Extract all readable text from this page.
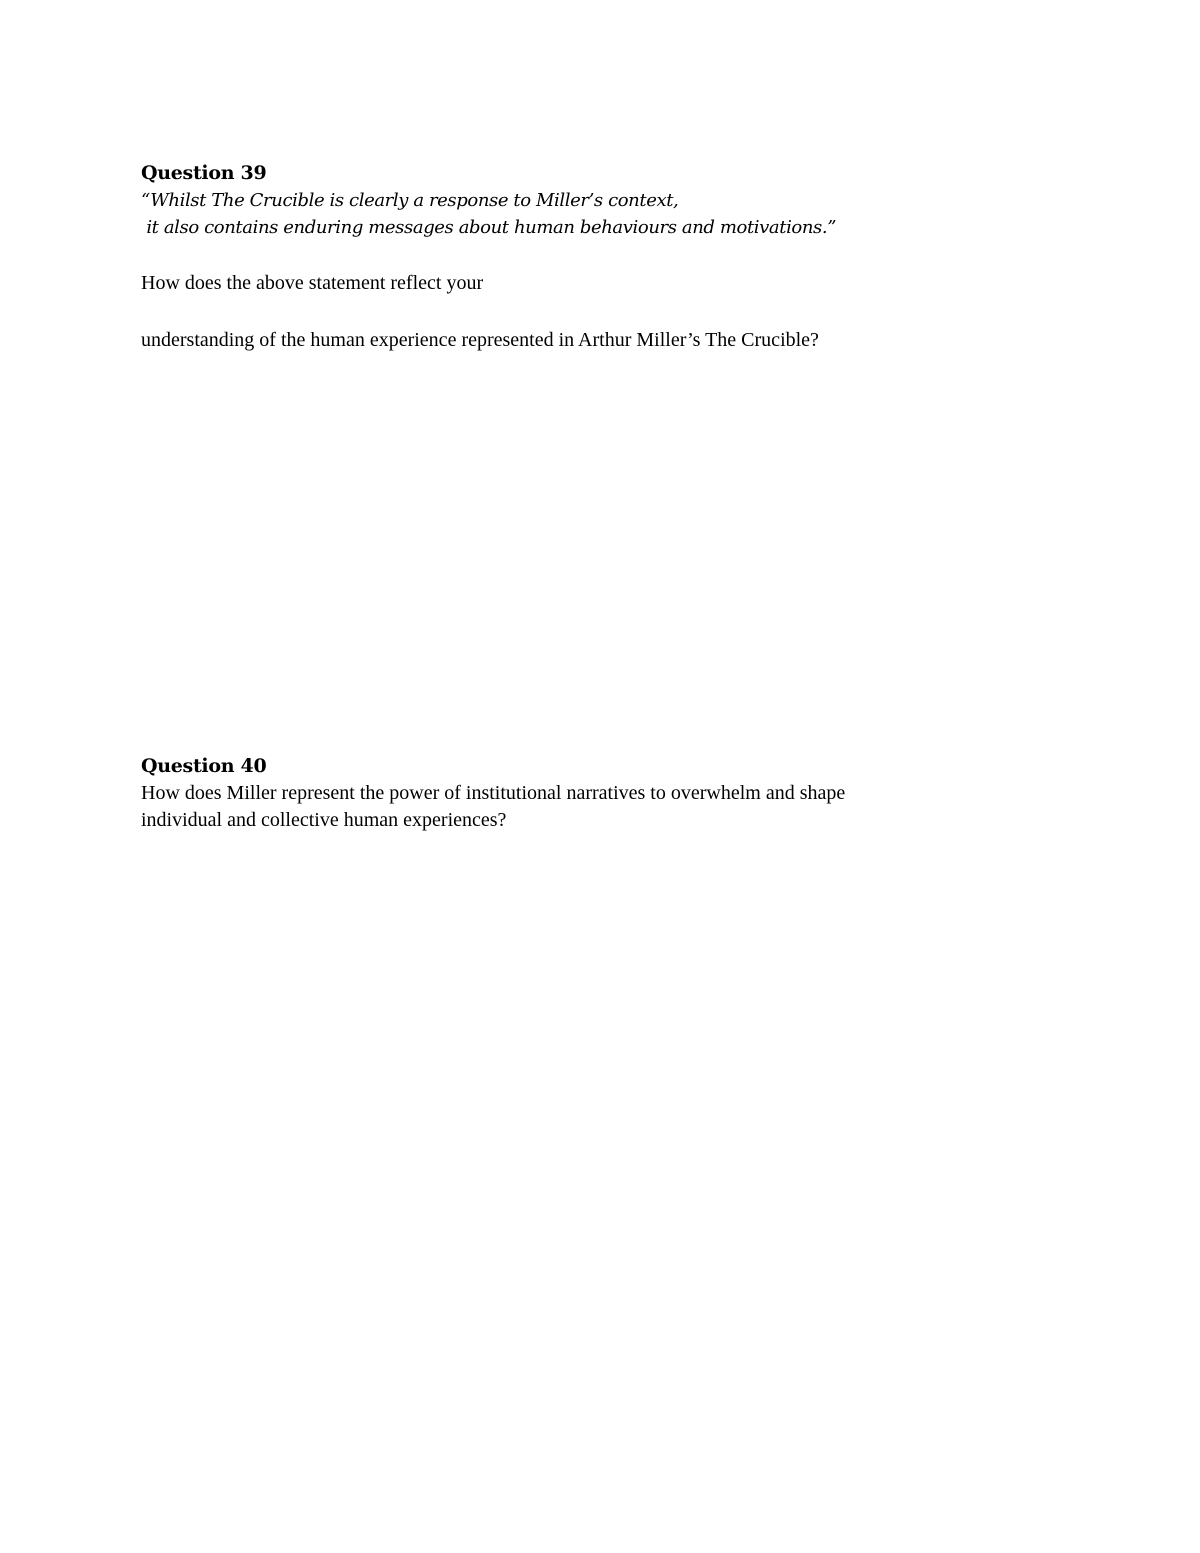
Question 39

“Whilst The Crucible is clearly a response to Miller’s context,

it also contains enduring messages about human behaviours and motivations.”

How does the above statement reflect your

understanding of the human experience represented in Arthur Miller’s The Crucible?

Question 40

How does Miller represent the power of institutional narratives to overwhelm and shape

individual and collective human experiences?
